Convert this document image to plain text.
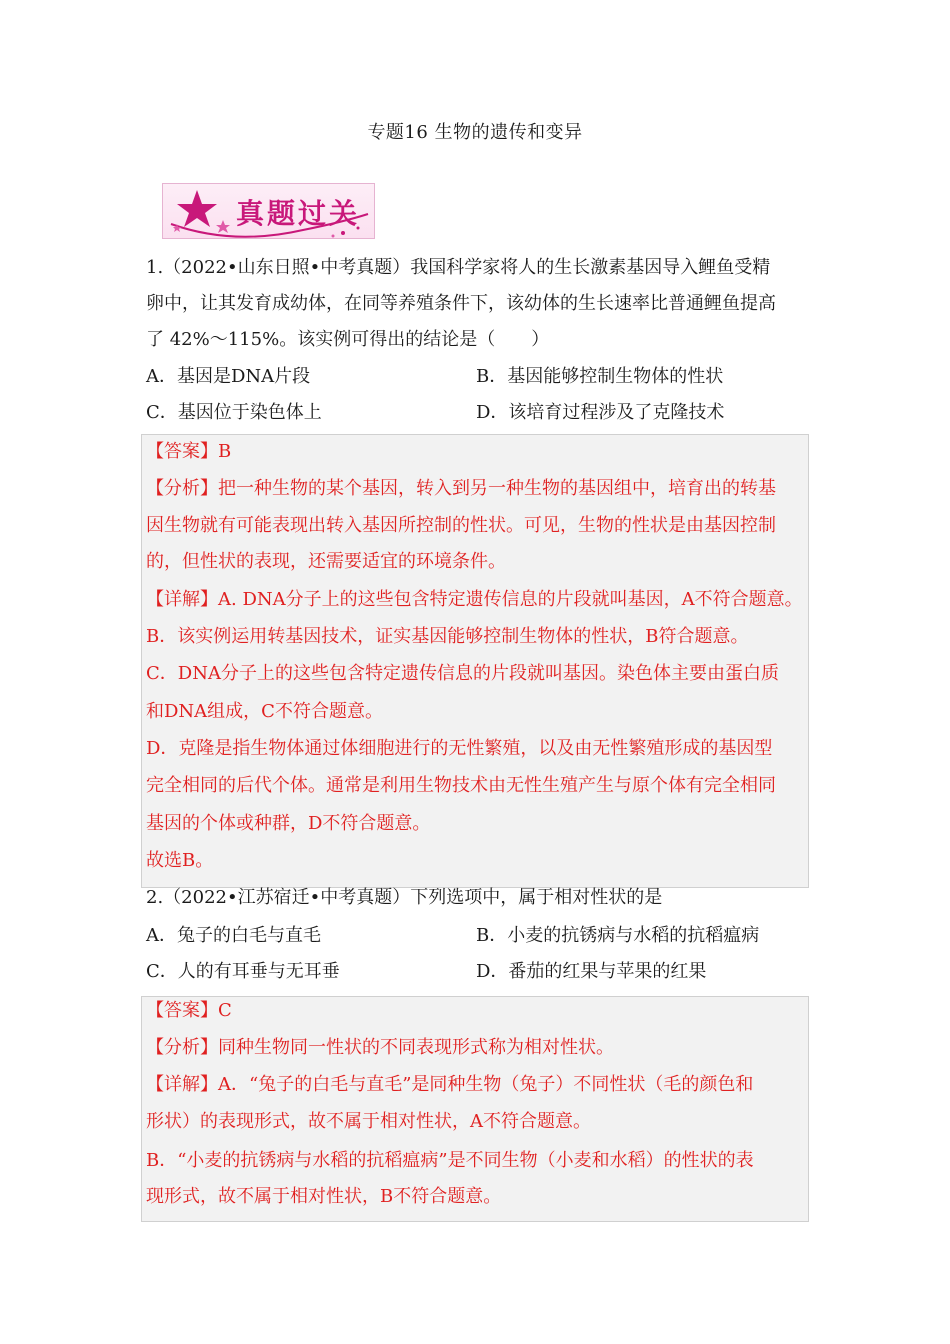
专题16 生物的遗传和变异
真题过关
1.（2022•山东日照•中考真题）我国科学家将人的生长激素基因导入鲤鱼受精
卵中，让其发育成幼体，在同等养殖条件下，该幼体的生长速率比普通鲤鱼提高
了 42%～115%。该实例可得出的结论是（　　）
A．基因是DNA片段	B．基因能够控制生物体的性状
C．基因位于染色体上	D．该培育过程涉及了克隆技术
【答案】B
【分析】把一种生物的某个基因，转入到另一种生物的基因组中，培育出的转基
因生物就有可能表现出转入基因所控制的性状。可见，生物的性状是由基因控制
的，但性状的表现，还需要适宜的环境条件。
【详解】A. DNA分子上的这些包含特定遗传信息的片段就叫基因，A不符合题意。
B．该实例运用转基因技术，证实基因能够控制生物体的性状，B符合题意。
C．DNA分子上的这些包含特定遗传信息的片段就叫基因。染色体主要由蛋白质
和DNA组成，C不符合题意。
D．克隆是指生物体通过体细胞进行的无性繁殖，以及由无性繁殖形成的基因型
完全相同的后代个体。通常是利用生物技术由无性生殖产生与原个体有完全相同
基因的个体或种群，D不符合题意。
故选B。
2.（2022•江苏宿迁•中考真题）下列选项中，属于相对性状的是
A．兔子的白毛与直毛	B．小麦的抗锈病与水稻的抗稻瘟病
C．人的有耳垂与无耳垂	D．番茄的红果与苹果的红果
【答案】C
【分析】同种生物同一性状的不同表现形式称为相对性状。
【详解】A．“兔子的白毛与直毛”是同种生物（兔子）不同性状（毛的颜色和
形状）的表现形式，故不属于相对性状，A不符合题意。
B．“小麦的抗锈病与水稻的抗稻瘟病”是不同生物（小麦和水稻）的性状的表
现形式，故不属于相对性状，B不符合题意。
